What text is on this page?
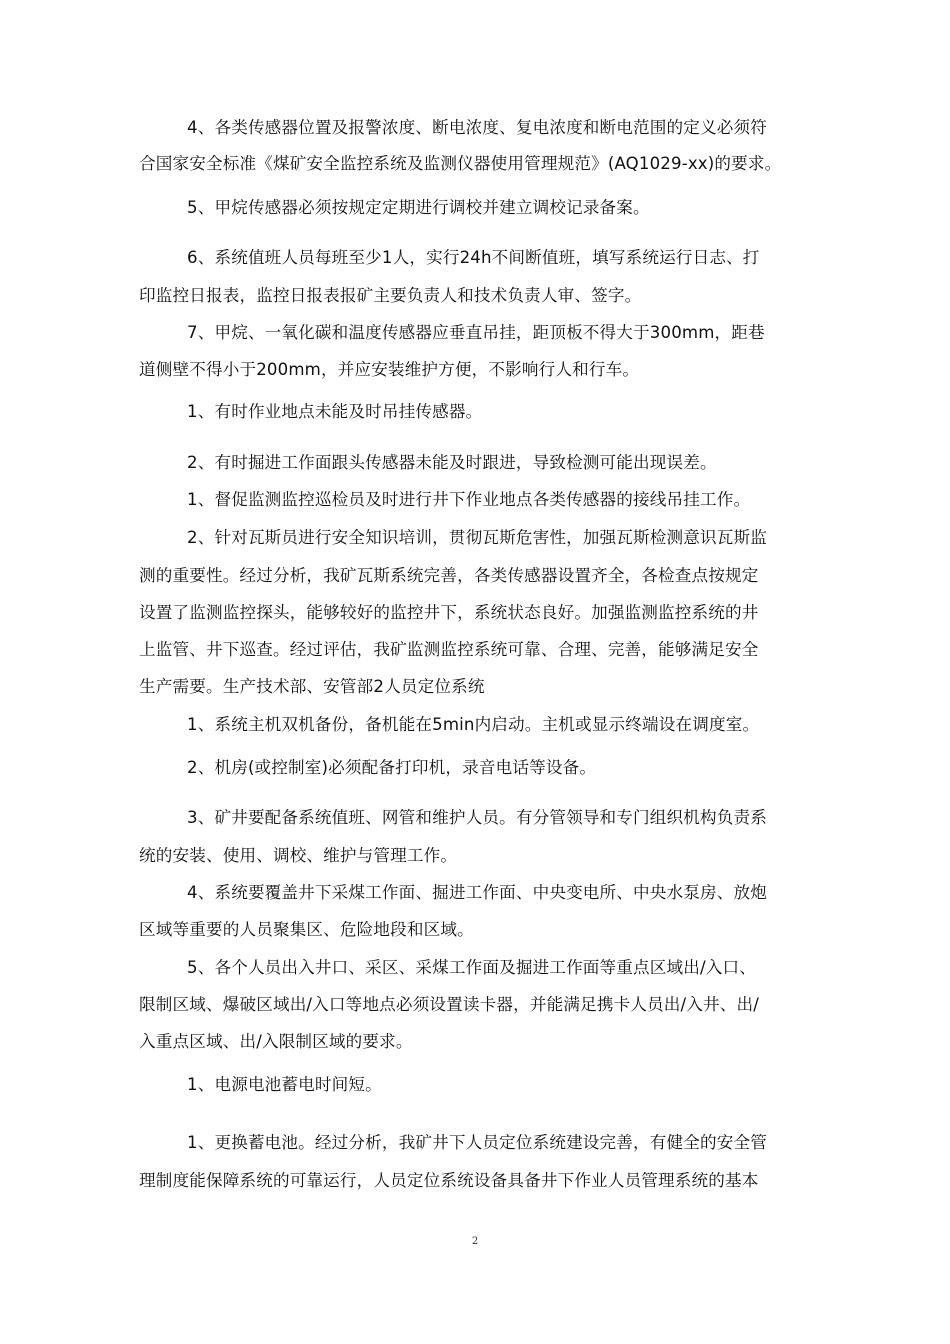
4、各类传感器位置及报警浓度、断电浓度、复电浓度和断电范围的定义必须符
合国家安全标准《煤矿安全监控系统及监测仪器使用管理规范》(AQ1029-xx)的要求。
5、甲烷传感器必须按规定定期进行调校并建立调校记录备案。
6、系统值班人员每班至少1人，实行24h不间断值班，填写系统运行日志、打
印监控日报表，监控日报表报矿主要负责人和技术负责人审、签字。
7、甲烷、一氧化碳和温度传感器应垂直吊挂，距顶板不得大于300mm，距巷
道侧壁不得小于200mm，并应安装维护方便，不影响行人和行车。
1、有时作业地点未能及时吊挂传感器。
2、有时掘进工作面跟头传感器未能及时跟进，导致检测可能出现误差。
1、督促监测监控巡检员及时进行井下作业地点各类传感器的接线吊挂工作。
2、针对瓦斯员进行安全知识培训，贯彻瓦斯危害性，加强瓦斯检测意识瓦斯监
测的重要性。经过分析，我矿瓦斯系统完善，各类传感器设置齐全，各检查点按规定
设置了监测监控探头，能够较好的监控井下，系统状态良好。加强监测监控系统的井
上监管、井下巡查。经过评估，我矿监测监控系统可靠、合理、完善，能够满足安全
生产需要。生产技术部、安管部2人员定位系统
1、系统主机双机备份，备机能在5min内启动。主机或显示终端设在调度室。
2、机房(或控制室)必须配备打印机，录音电话等设备。
3、矿井要配备系统值班、网管和维护人员。有分管领导和专门组织机构负责系
统的安装、使用、调校、维护与管理工作。
4、系统要覆盖井下采煤工作面、掘进工作面、中央变电所、中央水泵房、放炮
区域等重要的人员聚集区、危险地段和区域。
5、各个人员出入井口、采区、采煤工作面及掘进工作面等重点区域出/入口、
限制区域、爆破区域出/入口等地点必须设置读卡器，并能满足携卡人员出/入井、出/
入重点区域、出/入限制区域的要求。
1、电源电池蓄电时间短。
1、更换蓄电池。经过分析，我矿井下人员定位系统建设完善，有健全的安全管
理制度能保障系统的可靠运行，人员定位系统设备具备井下作业人员管理系统的基本
2
